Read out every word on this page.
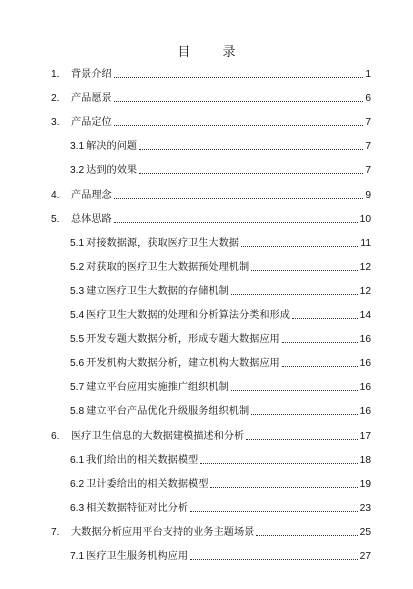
目 录
1.	背景介绍	1
2.	产品愿景	6
3.	产品定位	7
3.1 解决的问题	7
3.2 达到的效果	7
4.	产品理念	9
5.	总体思路	10
5.1 对接数据源，获取医疗卫生大数据	11
5.2 对获取的医疗卫生大数据预处理机制	12
5.3 建立医疗卫生大数据的存储机制	12
5.4 医疗卫生大数据的处理和分析算法分类和形成	14
5.5 开发专题大数据分析，形成专题大数据应用	16
5.6 开发机构大数据分析，建立机构大数据应用	16
5.7 建立平台应用实施推广组织机制	16
5.8 建立平台产品优化升级服务组织机制	16
6.	医疗卫生信息的大数据建模描述和分析	17
6.1 我们给出的相关数据模型	18
6.2 卫计委给出的相关数据模型	19
6.3 相关数据特征对比分析	23
7.	大数据分析应用平台支持的业务主题场景	25
7.1 医疗卫生服务机构应用	27
